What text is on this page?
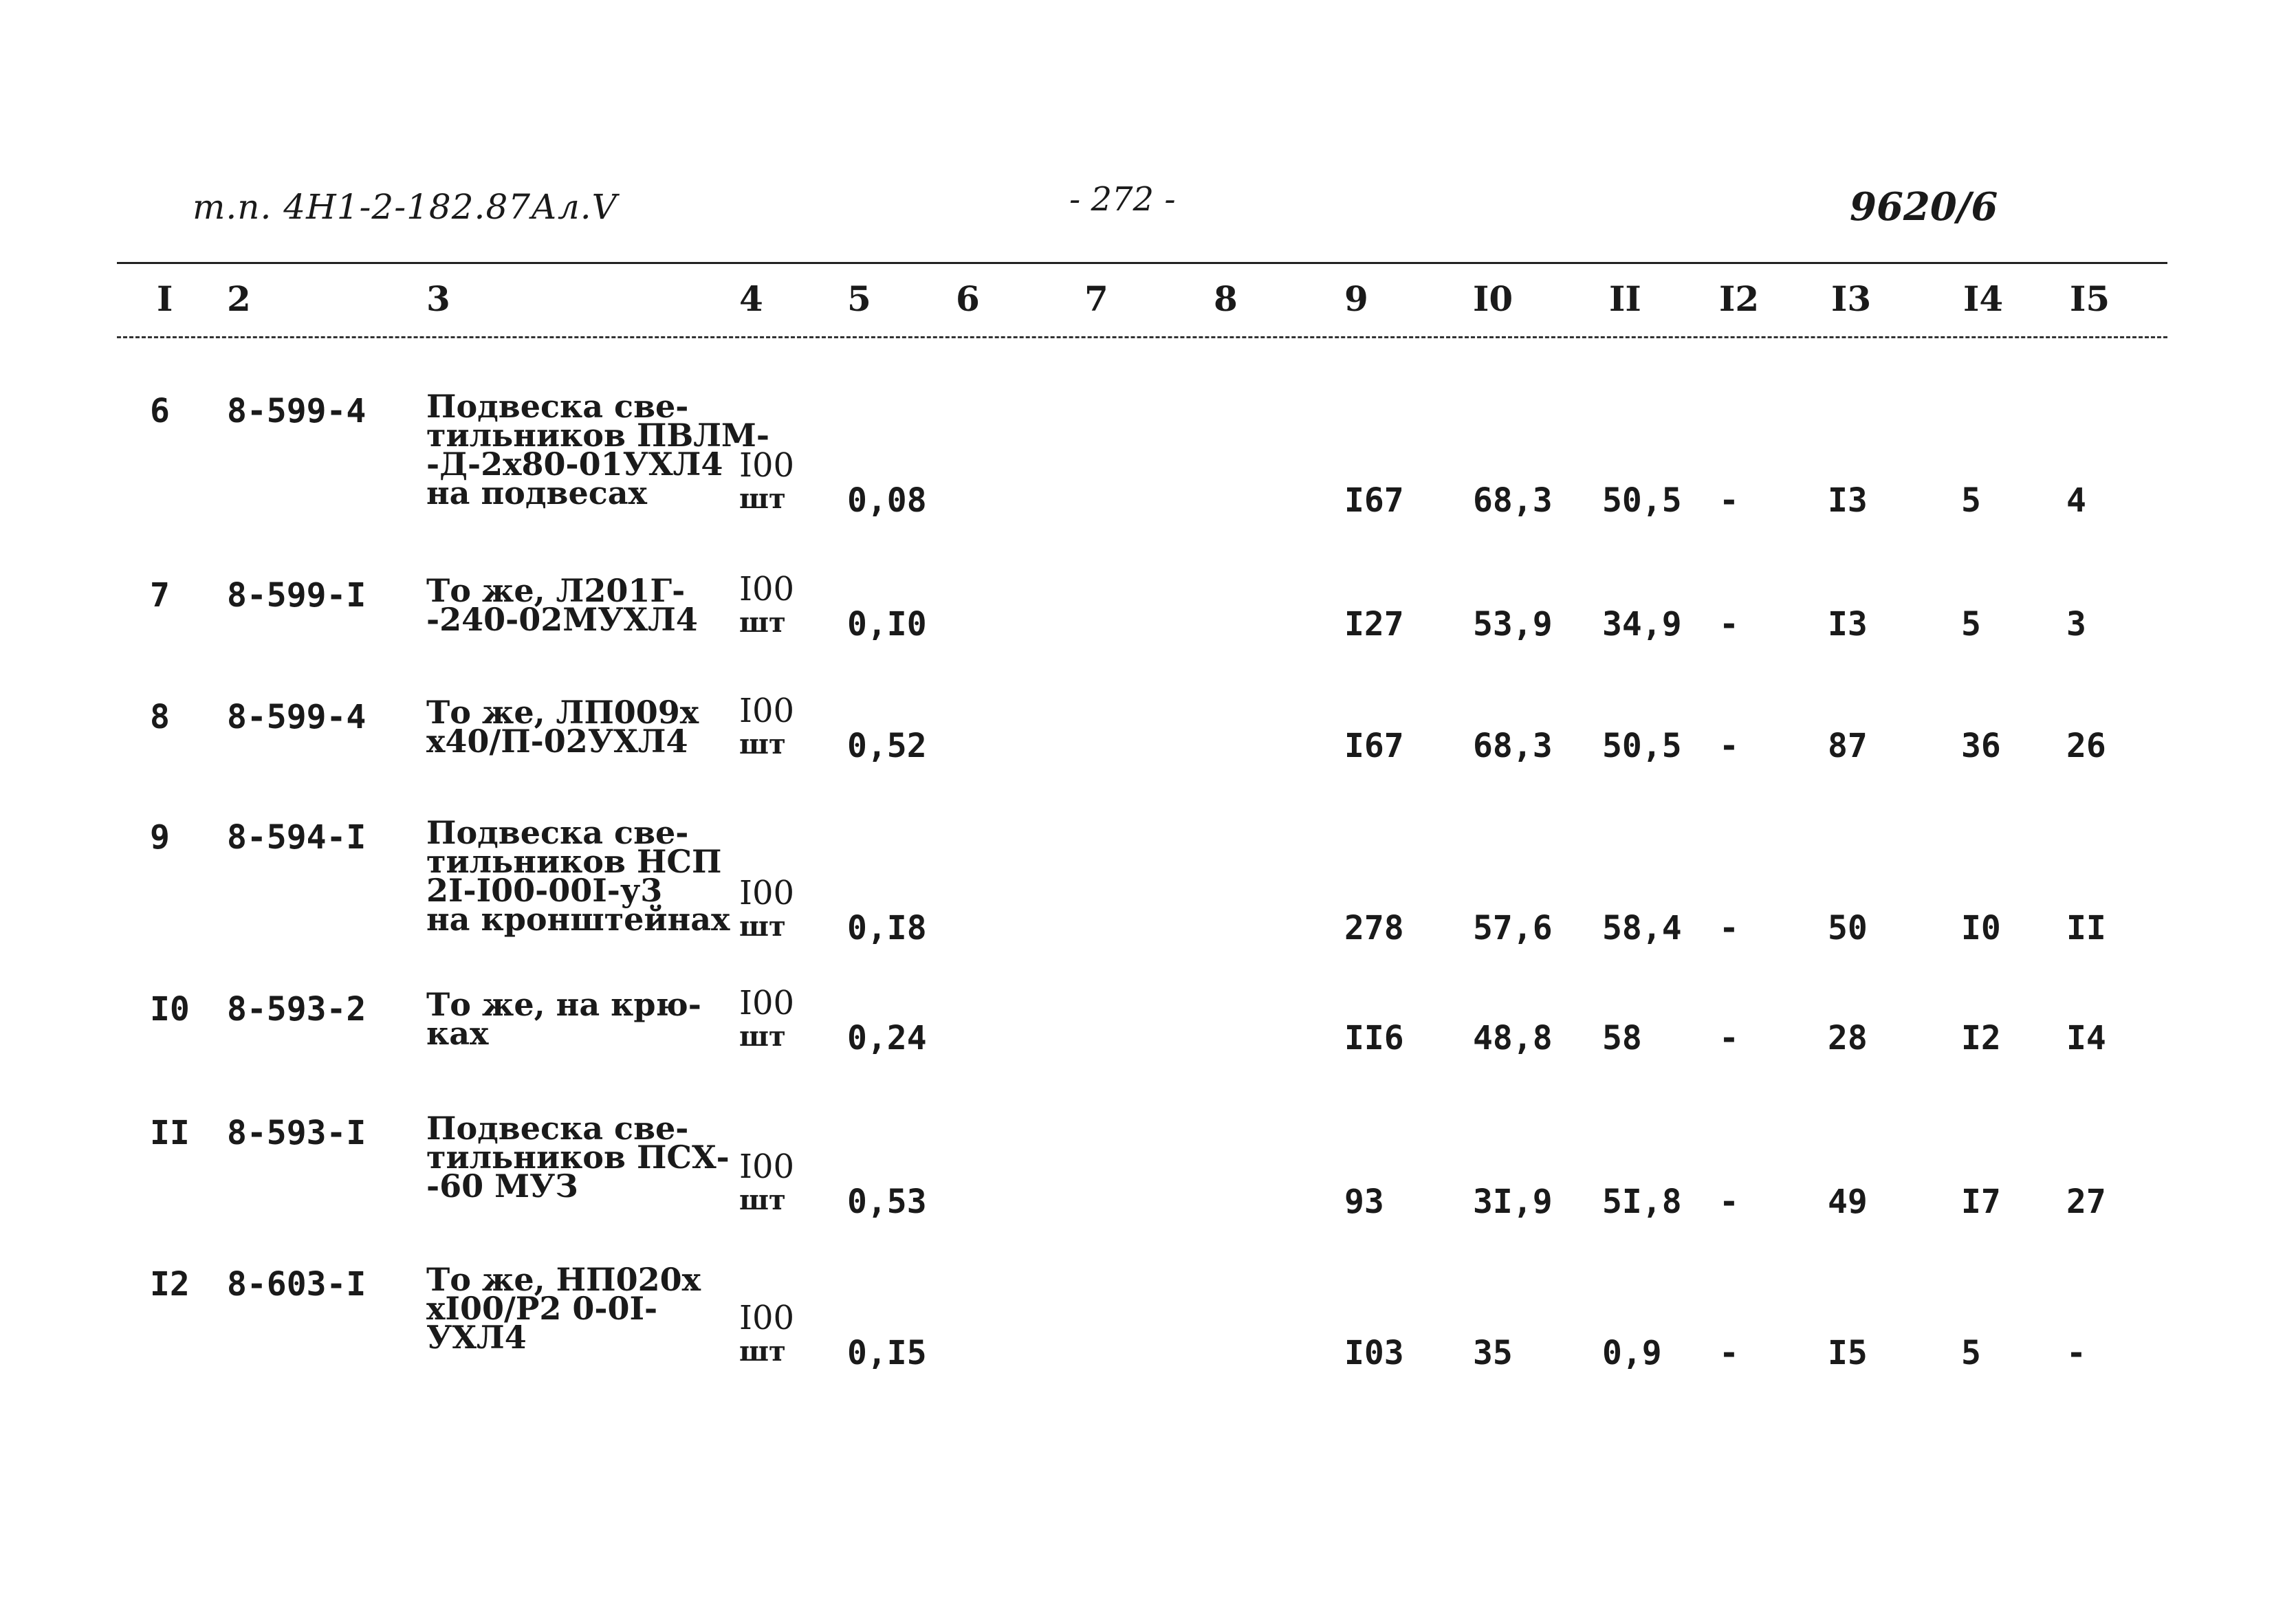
т.п. 4Н1-2-182.87Ал.V	- 272 -	9620/6
I 2	3	4 5 6	7	8	9	I0	II I2 I3	I4 I5
6 8-599-4 Подвеска све-
тильников ПВЛМ-
-Д-2х80-01УХЛ4
на подвесах
I00
шт 0,08	I67 68,3 50,5 -	I3	5	4
7 8-599-I То же, Л201Г-
-240-02МУХЛ4
I00
шт 0,I0	I27 53,9 34,9 -	I3	5	3
8 8-599-4 То же, ЛП009х
х40/П-02УХЛ4
I00
шт 0,52	I67 68,3 50,5 -	87	36 26
9 8-594-I Подвеска све-
тильников НСП
2I-I00-00I-у3
на кронштейнах
I00
шт 0,I8	278 57,6 58,4 -	50	I0 II
I0 8-593-2 То же, на крю-
ках
I00
шт 0,24	II6 48,8 58 -	28	I2 I4
II 8-593-I Подвеска све-
тильников ПСХ-
-60 МУЗ	I00
шт 0,53	93	3I,9 5I,8 -	49	I7 27
I2 8-603-I То же, НП020х
хI00/Р2 0-0I-
УХЛ4	I00
шт 0,I5	I03 35	0,9 -	I5	5	-
